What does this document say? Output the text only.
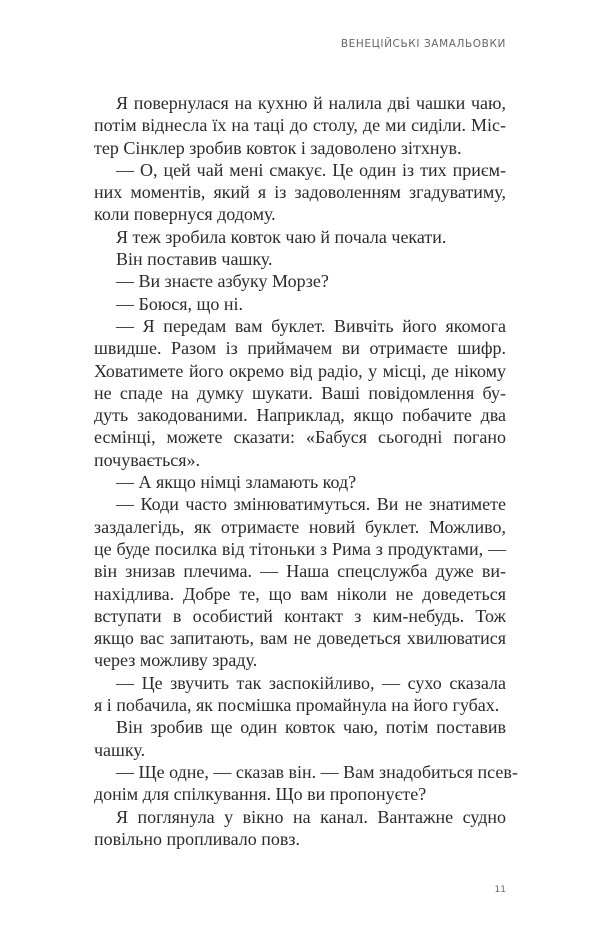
ВЕНЕЦІЙСЬКІ ЗАМАЛЬОВКИ
Я повернулася на кухню й налила дві чашки чаю,
потім віднесла їх на таці до столу, де ми сиділи. Міс-
тер Сінклер зробив ковток і задоволено зітхнув.
— О, цей чай мені смакує. Це один із тих приєм-
них моментів, який я із задоволенням згадуватиму,
коли повернуся додому.
Я теж зробила ковток чаю й почала чекати.
Він поставив чашку.
— Ви знаєте азбуку Морзе?
— Боюся, що ні.
— Я передам вам буклет. Вивчіть його якомога
швидше. Разом із приймачем ви отримаєте шифр.
Ховатимете його окремо від радіо, у місці, де нікому
не спаде на думку шукати. Ваші повідомлення бу-
дуть закодованими. Наприклад, якщо побачите два
есмінці, можете сказати: «Бабуся сьогодні погано
почувається».
— А якщо німці зламають код?
— Коди часто змінюватимуться. Ви не знатимете
заздалегідь, як отримаєте новий буклет. Можливо,
це буде посилка від тітоньки з Рима з продуктами, —
він знизав плечима. — Наша спецслужба дуже ви-
нахідлива. Добре те, що вам ніколи не доведеться
вступати в особистий контакт з ким-небудь. Тож
якщо вас запитають, вам не доведеться хвилюватися
через можливу зраду.
— Це звучить так заспокійливо, — сухо сказала
я і побачила, як посмішка промайнула на його губах.
Він зробив ще один ковток чаю, потім поставив
чашку.
— Ще одне, — сказав він. — Вам знадобиться псев-
донім для спілкування. Що ви пропонуєте?
Я поглянула у вікно на канал. Вантажне судно
повільно пропливало повз.
11
